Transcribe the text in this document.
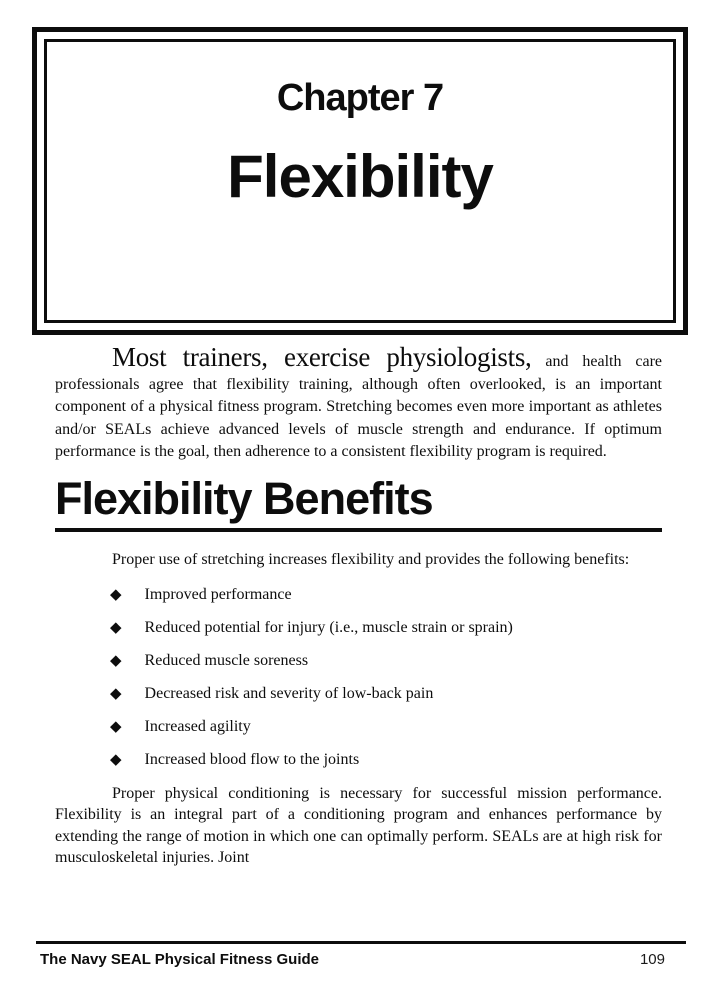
Chapter 7
Flexibility

Most trainers, exercise physiologists, and health care professionals agree that flexibility training, although often overlooked, is an important component of a physical fitness program. Stretching becomes even more important as athletes and/or SEALs achieve advanced levels of muscle strength and endurance. If optimum performance is the goal, then adherence to a consistent flexibility program is required.

Flexibility Benefits

Proper use of stretching increases flexibility and provides the following benefits:

◆ Improved performance
◆ Reduced potential for injury (i.e., muscle strain or sprain)
◆ Reduced muscle soreness
◆ Decreased risk and severity of low-back pain
◆ Increased agility
◆ Increased blood flow to the joints

Proper physical conditioning is necessary for successful mission performance. Flexibility is an integral part of a conditioning program and enhances performance by extending the range of motion in which one can optimally perform. SEALs are at high risk for musculoskeletal injuries. Joint

The Navy SEAL Physical Fitness Guide	109
